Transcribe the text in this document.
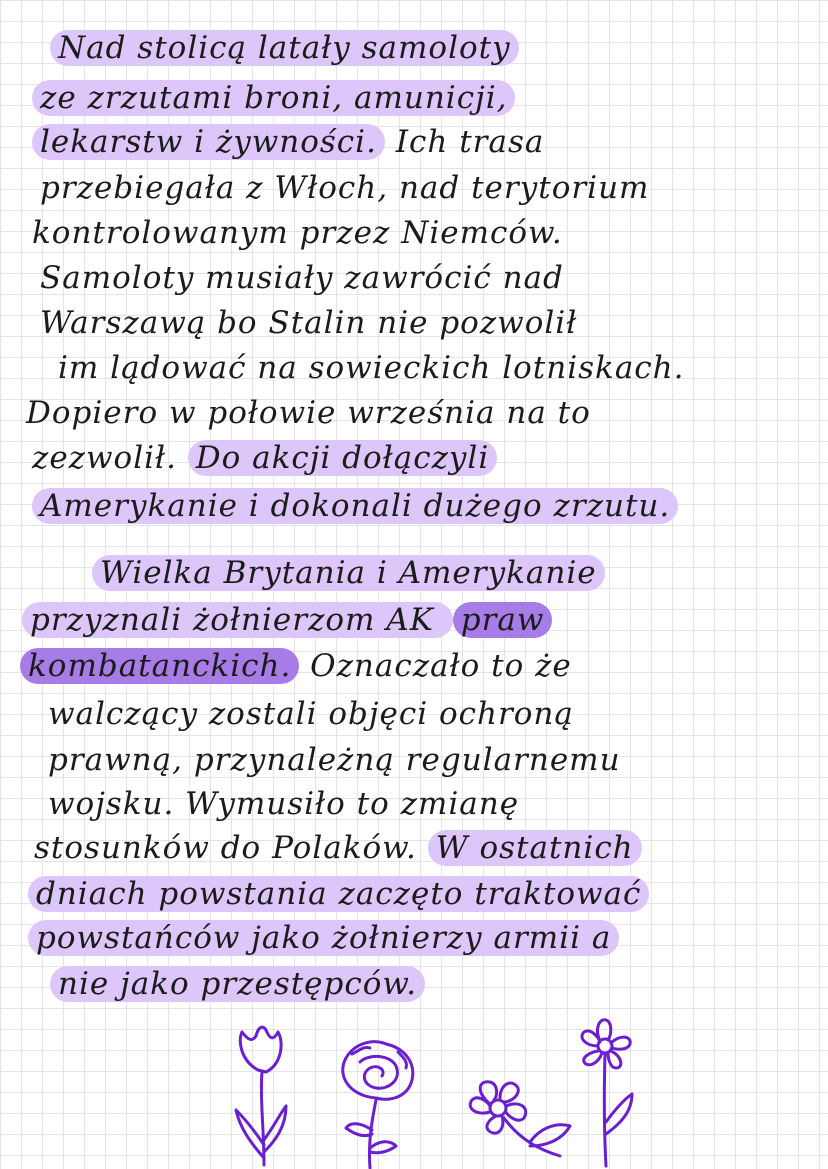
Nad stolicą latały samoloty
ze zrzutami broni, amunicji,
lekarstw i żywności. Ich trasa
przebiegała z Włoch, nad terytorium
kontrolowanym przez Niemców.
Samoloty musiały zawrócić nad
Warszawą bo Stalin nie pozwolił
im lądować na sowieckich lotniskach.
Dopiero w połowie września na to
zezwolił. Do akcji dołączyli
Amerykanie i dokonali dużego zrzutu.
Wielka Brytania i Amerykanie
przyznali żołnierzom AK praw
kombatanckich. Oznaczało to że
walczący zostali objęci ochroną
prawną, przynależną regularnemu
wojsku. Wymusiło to zmianę
stosunków do Polaków. W ostatnich
dniach powstania zaczęto traktować
powstańców jako żołnierzy armii a
nie jako przestępców.
